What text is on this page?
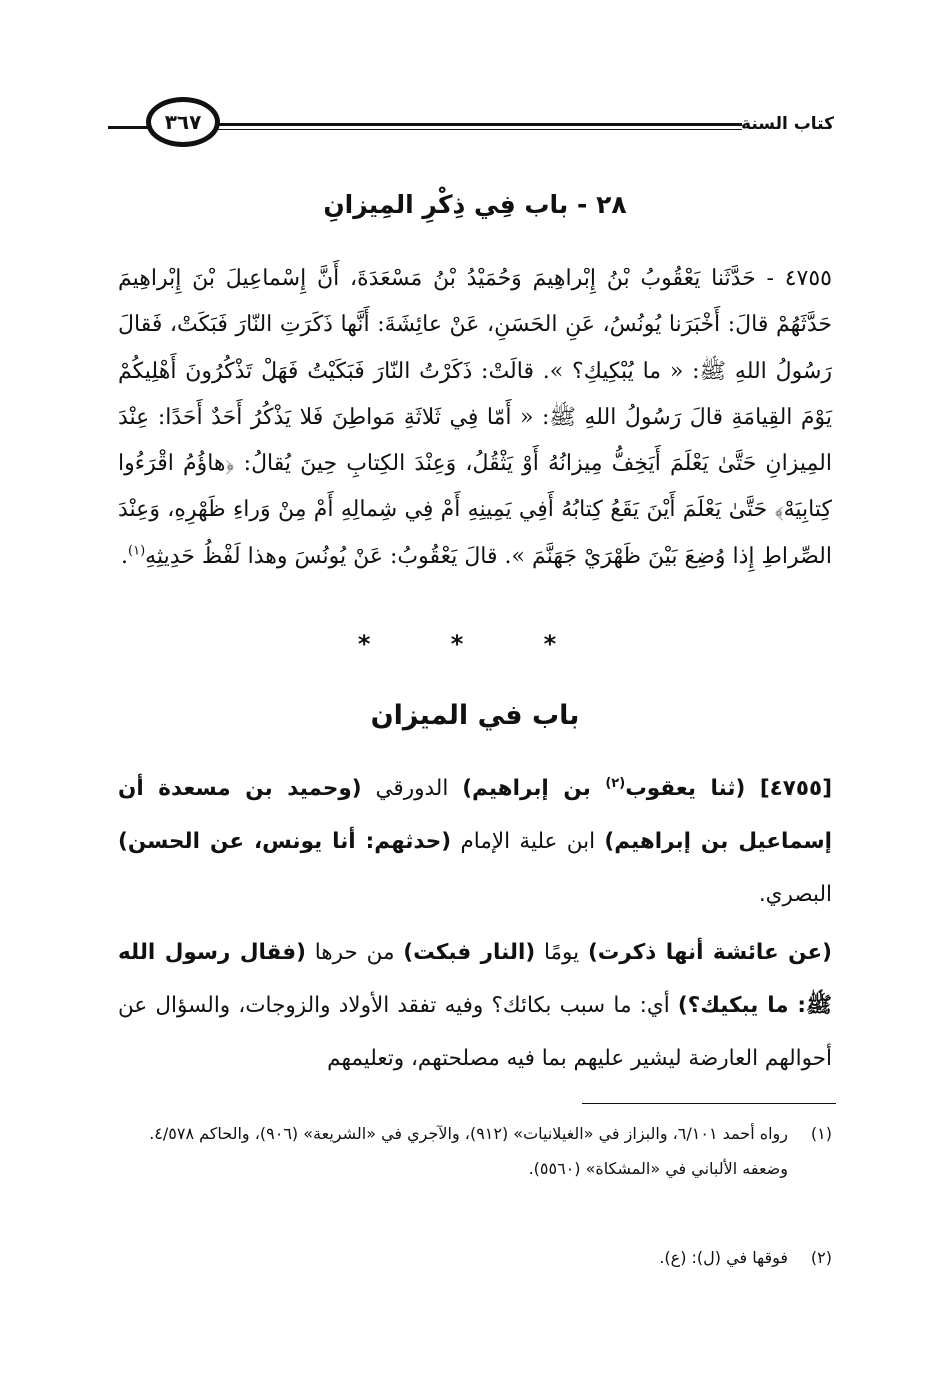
كتاب السنة
٣٦٧
٢٨ - باب فِي ذِكْرِ المِيزانِ
٤٧٥٥ - حَدَّثَنا يَعْقُوبُ بْنُ إِبْراهِيمَ وَحُمَيْدُ بْنُ مَسْعَدَةَ، أَنَّ إِسْماعِيلَ بْنَ إِبْراهِيمَ حَدَّثَهُمْ قالَ: أَخْبَرَنا يُونُسُ، عَنِ الحَسَنِ، عَنْ عائِشَةَ: أَنَّها ذَكَرَتِ النّارَ فَبَكَتْ، فَقالَ رَسُولُ اللهِ ﷺ: « ما يُبْكِيكِ؟ ». قالَتْ: ذَكَرْتُ النّارَ فَبَكَيْتُ فَهَلْ تَذْكُرُونَ أَهْلِيكُمْ يَوْمَ القِيامَةِ قالَ رَسُولُ اللهِ ﷺ: « أَمّا فِي ثَلاثَةِ مَواطِنَ فَلا يَذْكُرُ أَحَدٌ أَحَدًا: عِنْدَ المِيزانِ حَتَّىٰ يَعْلَمَ أَيَخِفُّ مِيزانُهُ أَوْ يَثْقُلُ، وَعِنْدَ الكِتابِ حِينَ يُقالُ: ﴿هاؤُمُ اقْرَءُوا كِتابِيَهْ﴾ حَتَّىٰ يَعْلَمَ أَيْنَ يَقَعُ كِتابُهُ أَفِي يَمِينِهِ أَمْ فِي شِمالِهِ أَمْ مِنْ وَراءِ ظَهْرِهِ، وَعِنْدَ الصِّراطِ إِذا وُضِعَ بَيْنَ ظَهْرَيْ جَهَنَّمَ ». قالَ يَعْقُوبُ: عَنْ يُونُسَ وهذا لَفْظُ حَدِيثِهِ$^{(١)}$.
* * *
باب في الميزان
[٤٧٥٥] (ثنا يعقوب$^{(٢)}$ بن إبراهيم) الدورقي (وحميد بن مسعدة أن إسماعيل بن إبراهيم) ابن علية الإمام (حدثهم: أنا يونس، عن الحسن) البصري.
(عن عائشة أنها ذكرت) يومًا (النار فبكت) من حرها (فقال رسول الله ﷺ: ما يبكيك؟) أي: ما سبب بكائك؟ وفيه تفقد الأولاد والزوجات، والسؤال عن أحوالهم العارضة ليشير عليهم بما فيه مصلحتهم، وتعليمهم
(١)
رواه أحمد ٦/١٠١، والبزاز في «الغيلانيات» (٩١٢)، والآجري في «الشريعة» (٩٠٦)، والحاكم ٤/٥٧٨.
وضعفه الألباني في «المشكاة» (٥٥٦٠).
(٢)
فوقها في (ل): (ع).
